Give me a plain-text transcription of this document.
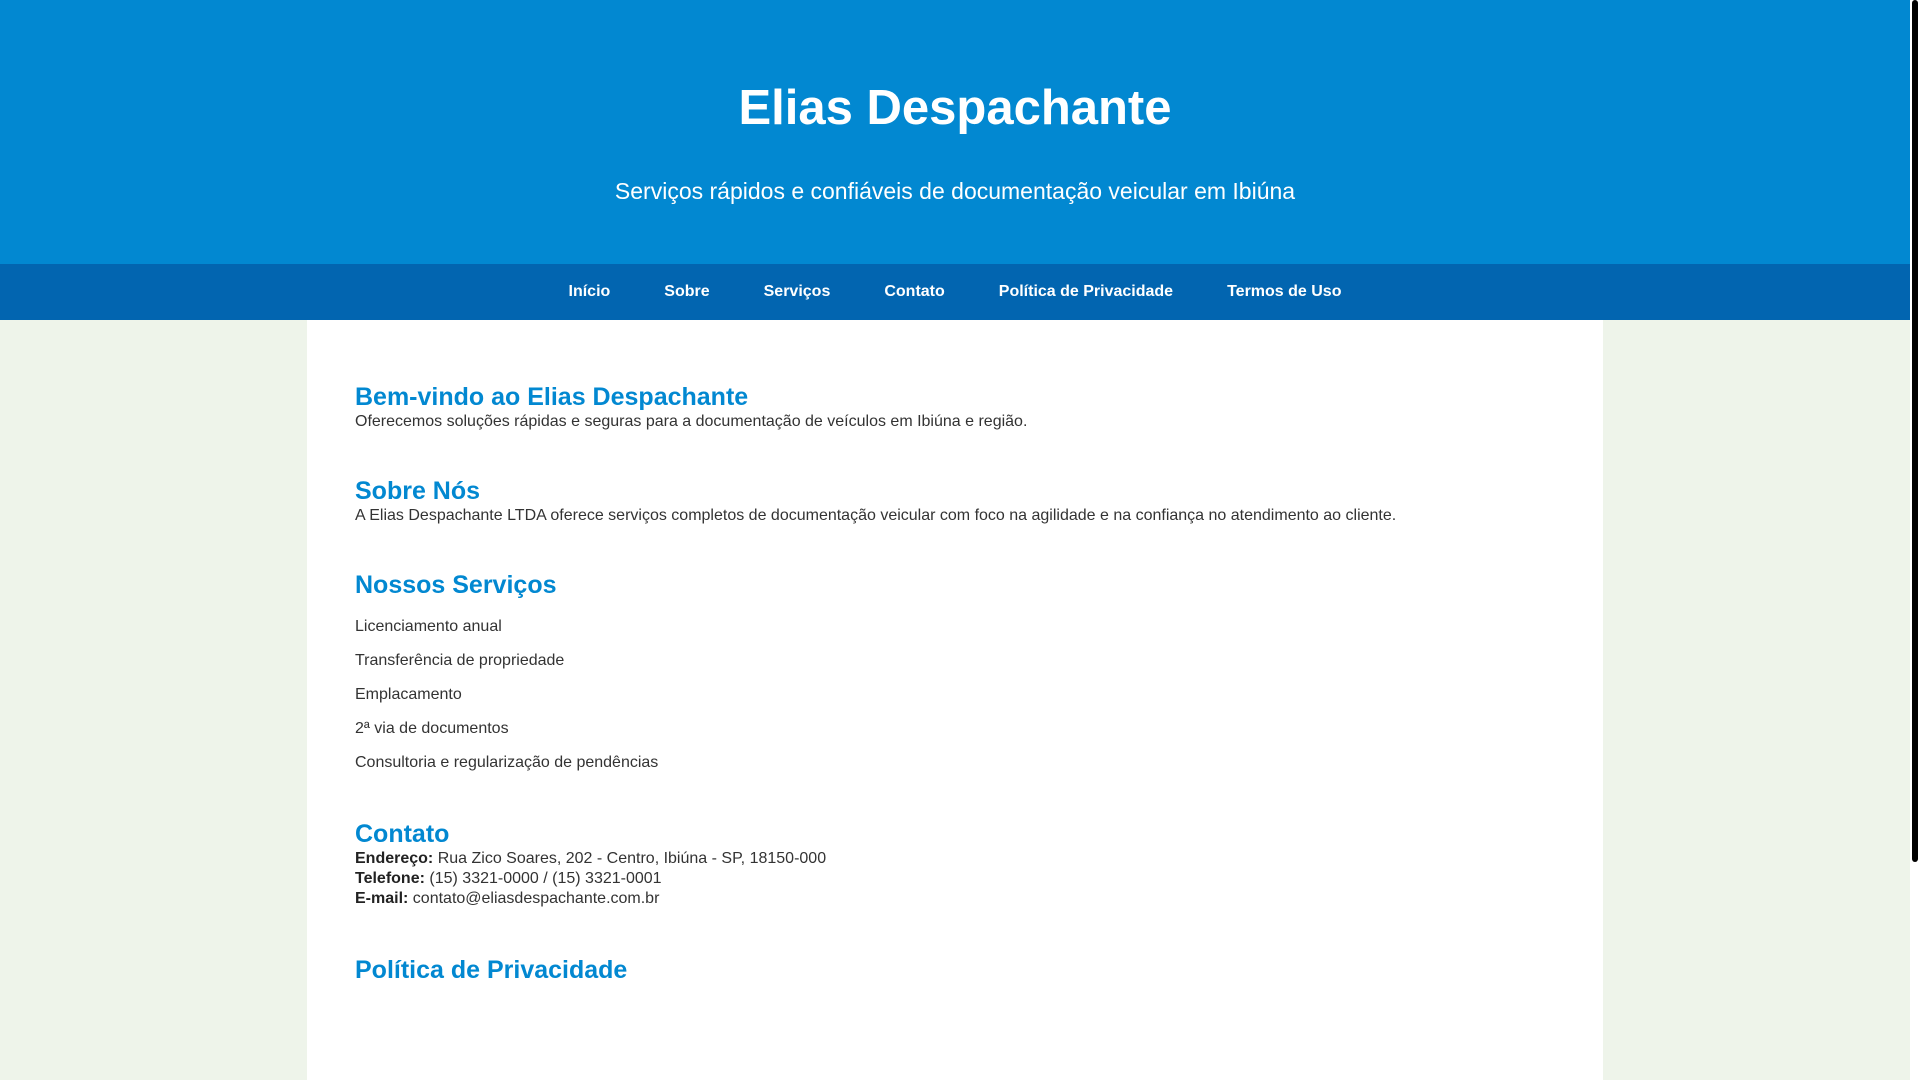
Elias Despachante

Serviços rápidos e confiáveis de documentação veicular em Ibiúna

Início	Sobre	Serviços	Contato	Política de Privacidade	Termos de Uso
Bem-vindo ao Elias Despachante

Oferecemos soluções rápidas e seguras para a documentação de veículos em Ibiúna e região.

Sobre Nós

A Elias Despachante LTDA oferece serviços completos de documentação veicular com foco na agilidade e na confiança no atendimento ao cliente.

Nossos Serviços
Licenciamento anual
Transferência de propriedade
Emplacamento
2ª via de documentos
Consultoria e regularização de pendências
Contato

Endereço: Rua Zico Soares, 202 - Centro, Ibiúna - SP, 18150-000

Telefone: (15) 3321-0000 / (15) 3321-0001

E-mail: contato@eliasdespachante.com.br

Política de Privacidade
